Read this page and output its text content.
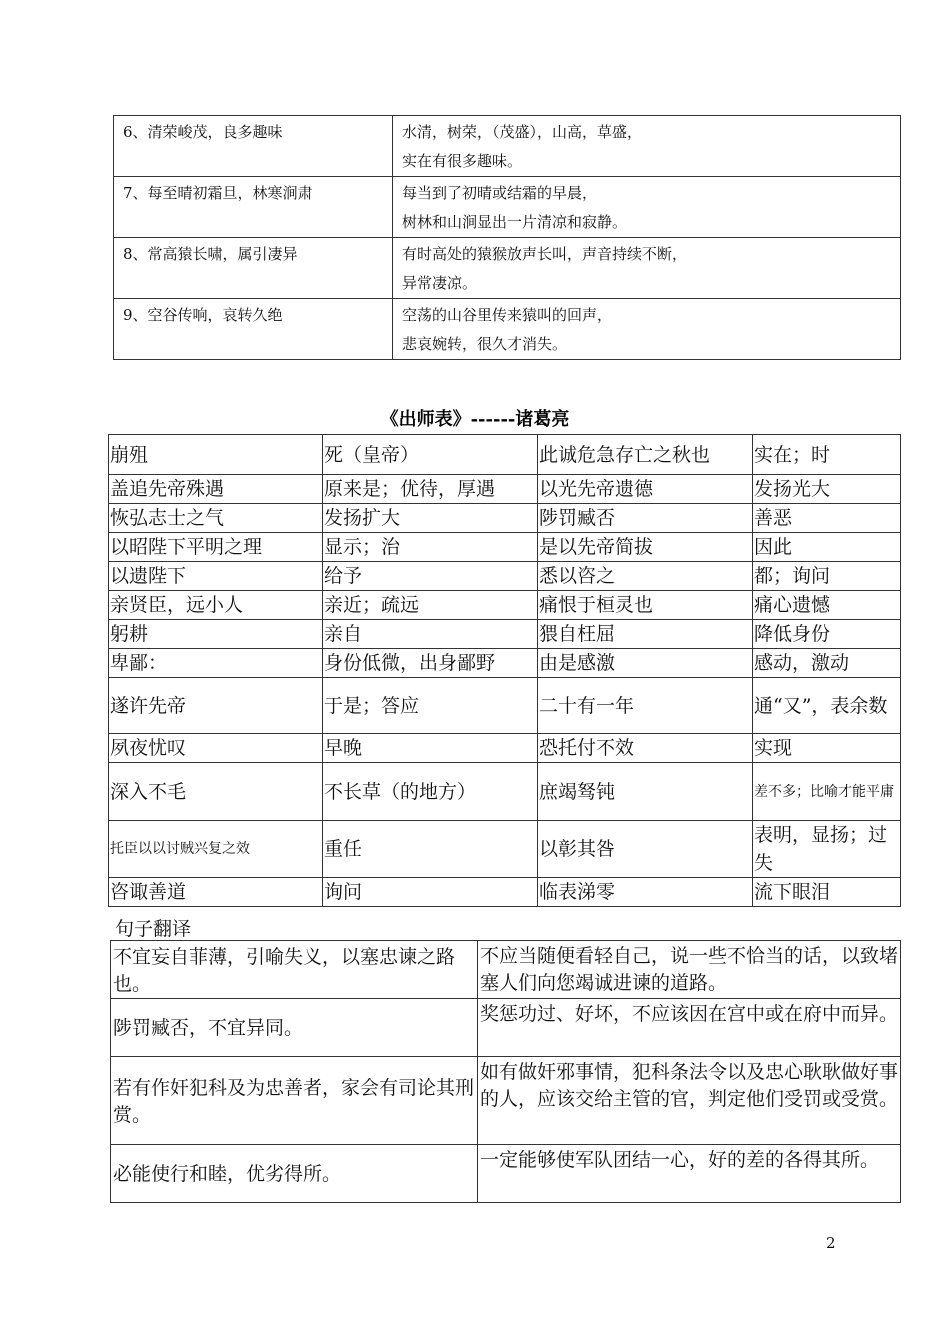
6、清荣峻茂，良多趣味	水清，树荣，（茂盛），山高，草盛，
实在有很多趣味。

7、每至晴初霜旦，林寒涧肃	每当到了初晴或结霜的早晨，
树林和山涧显出一片清凉和寂静。

8、常高猿长啸，属引凄异	有时高处的猿猴放声长叫，声音持续不断，
异常凄凉。

9、空谷传响，哀转久绝	空荡的山谷里传来猿叫的回声，
悲哀婉转，很久才消失。
《出师表》------诸葛亮
崩殂	死（皇帝）	此诚危急存亡之秋也	实在；时
盖追先帝殊遇	原来是；优待，厚遇	以光先帝遗德	发扬光大
恢弘志士之气	发扬扩大	陟罚臧否	善恶
以昭陛下平明之理	显示；治	是以先帝简拔	因此
以遗陛下	给予	悉以咨之	都；询问
亲贤臣，远小人	亲近；疏远	痛恨于桓灵也	痛心遗憾
躬耕	亲自	猥自枉屈	降低身份
卑鄙：	身份低微，出身鄙野	由是感激	感动，激动
遂许先帝	于是；答应	二十有一年	通“又”，表余数
夙夜忧叹	早晚	恐托付不效	实现
深入不毛	不长草（的地方）	庶竭驽钝	差不多；比喻才能平庸
托臣以以讨贼兴复之效	重任	以彰其咎	表明，显扬；过失
咨诹善道	询问	临表涕零	流下眼泪
句子翻译
不宜妄自菲薄，引喻失义，以塞忠谏之路也。	不应当随便看轻自己，说一些不恰当的话，以致堵塞人们向您竭诚进谏的道路。
陟罚臧否，不宜异同。	奖惩功过、好坏，不应该因在宫中或在府中而异。
若有作奸犯科及为忠善者，家会有司论其刑赏。	如有做奸邪事情，犯科条法令以及忠心耿耿做好事的人，应该交给主管的官，判定他们受罚或受赏。
必能使行和睦，优劣得所。	一定能够使军队团结一心，好的差的各得其所。
2
